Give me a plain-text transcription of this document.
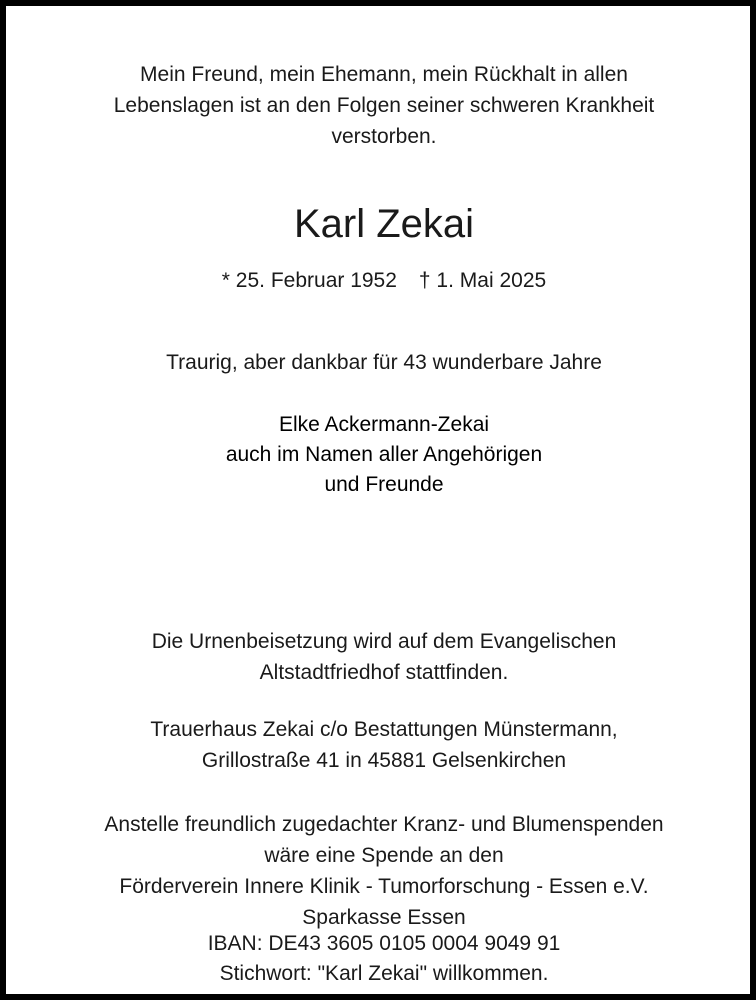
Mein Freund, mein Ehemann, mein Rückhalt in allen
Lebenslagen ist an den Folgen seiner schweren Krankheit
verstorben.
Karl Zekai
* 25. Februar 1952 † 1. Mai 2025
Traurig, aber dankbar für 43 wunderbare Jahre
Elke Ackermann-Zekai
auch im Namen aller Angehörigen
und Freunde
Die Urnenbeisetzung wird auf dem Evangelischen
Altstadtfriedhof stattfinden.
Trauerhaus Zekai c/o Bestattungen Münstermann,
Grillostraße 41 in 45881 Gelsenkirchen
Anstelle freundlich zugedachter Kranz- und Blumenspenden
wäre eine Spende an den
Förderverein Innere Klinik - Tumorforschung - Essen e.V.
Sparkasse Essen
IBAN: DE43 3605 0105 0004 9049 91
Stichwort: "Karl Zekai" willkommen.
